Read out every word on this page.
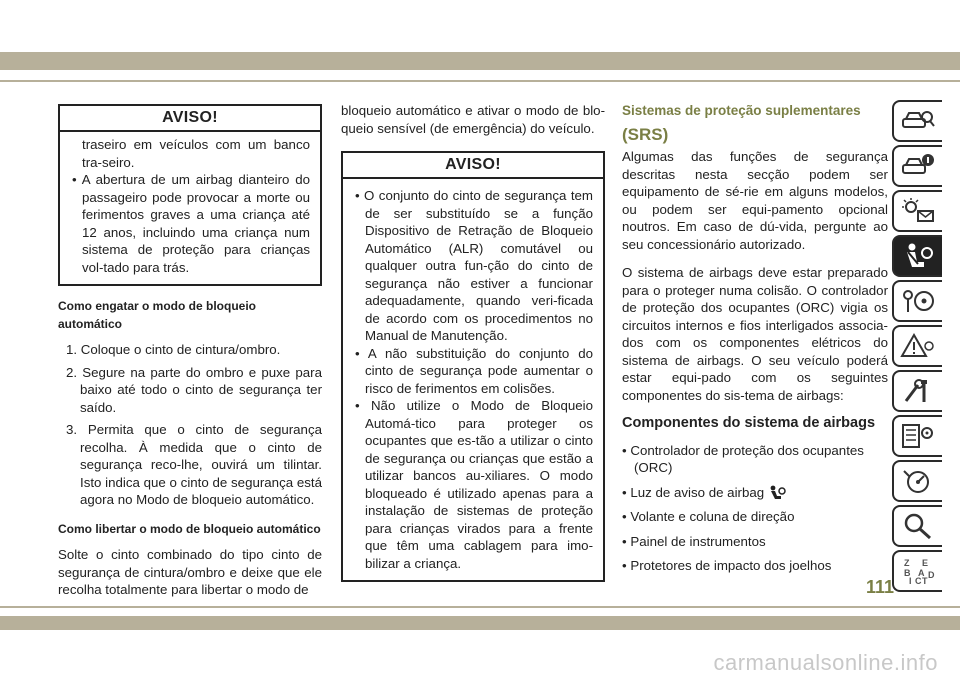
AVISO!

traseiro em veículos com um banco tra-seiro.

• A abertura de um airbag dianteiro do passageiro pode provocar a morte ou ferimentos graves a uma criança até 12 anos, incluindo uma criança num sistema de proteção para crianças vol-tado para trás.

Como engatar o modo de bloqueio automático
1. Coloque o cinto de cintura/ombro.
2. Segure na parte do ombro e puxe para baixo até todo o cinto de segurança ter saído.
3. Permita que o cinto de segurança recolha. À medida que o cinto de segurança reco-lhe, ouvirá um tilintar. Isto indica que o cinto de segurança está agora no Modo de bloqueio automático.
Como libertar o modo de bloqueio automático

Solte o cinto combinado do tipo cinto de segurança de cintura/ombro e deixe que ele recolha totalmente para libertar o modo de

bloqueio automático e ativar o modo de blo-queio sensível (de emergência) do veículo.

AVISO!

• O conjunto do cinto de segurança tem de ser substituído se a função Dispositivo de Retração de Bloqueio Automático (ALR) comutável ou qualquer outra fun-ção do cinto de segurança não estiver a funcionar adequadamente, quando veri-ficada de acordo com os procedimentos no Manual de Manutenção.

• A não substituição do conjunto do cinto de segurança pode aumentar o risco de ferimentos em colisões.

• Não utilize o Modo de Bloqueio Automá-tico para proteger os ocupantes que es-tão a utilizar o cinto de segurança ou crianças que estão a utilizar bancos au-xiliares. O modo bloqueado é utilizado apenas para a instalação de sistemas de proteção para crianças virados para a frente que têm uma cablagem para imo-bilizar a criança.

Sistemas de proteção suplementares
(SRS)

Algumas das funções de segurança descritas nesta secção podem ser equipamento de sé-rie em alguns modelos, ou podem ser equi-pamento opcional noutros. Em caso de dú-vida, pergunte ao seu concessionário autorizado.

O sistema de airbags deve estar preparado para o proteger numa colisão. O controlador de proteção dos ocupantes (ORC) vigia os circuitos internos e fios interligados associa-dos com os componentes elétricos do sistema de airbags. O seu veículo poderá estar equi-pado com os seguintes componentes do sis-tema de airbags:

Componentes do sistema de airbags
• Controlador de proteção dos ocupantes (ORC)
• Luz de aviso de airbag
• Volante e coluna de direção
• Painel de instrumentos
• Protetores de impacto dos joelhos	Z E
B A D
I C T
111
carmanualsonline.info
